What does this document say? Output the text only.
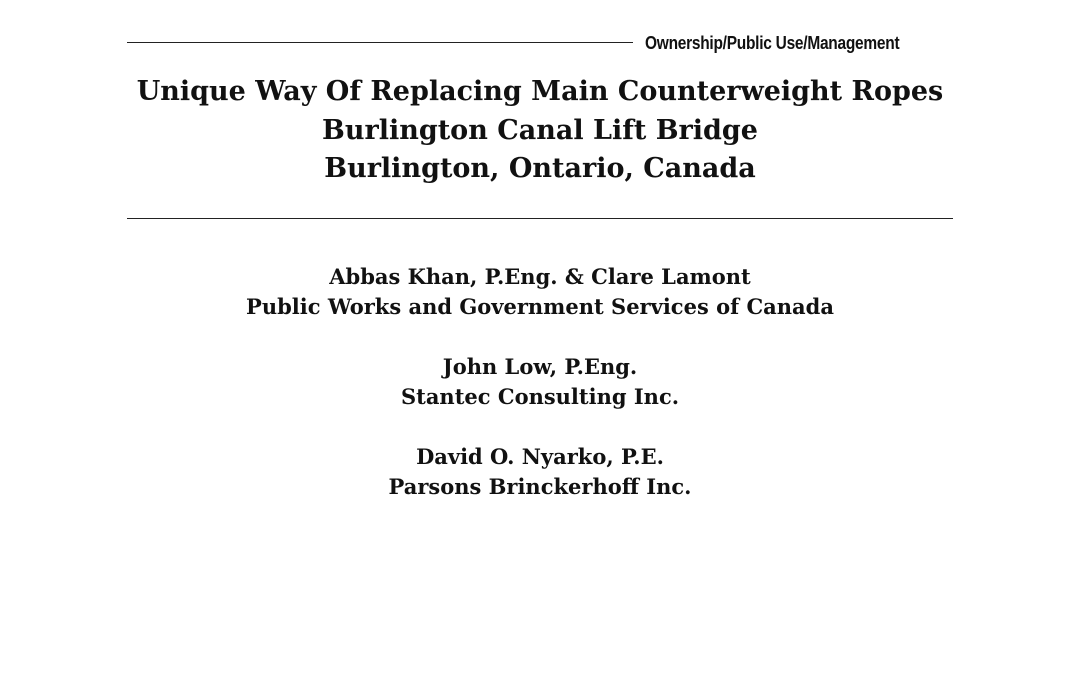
Ownership/Public Use/Management
Unique Way Of Replacing Main Counterweight Ropes
Burlington Canal Lift Bridge
Burlington, Ontario, Canada
Abbas Khan, P.Eng. & Clare Lamont
Public Works and Government Services of Canada
John Low, P.Eng.
Stantec Consulting Inc.
David O. Nyarko, P.E.
Parsons Brinckerhoff Inc.
